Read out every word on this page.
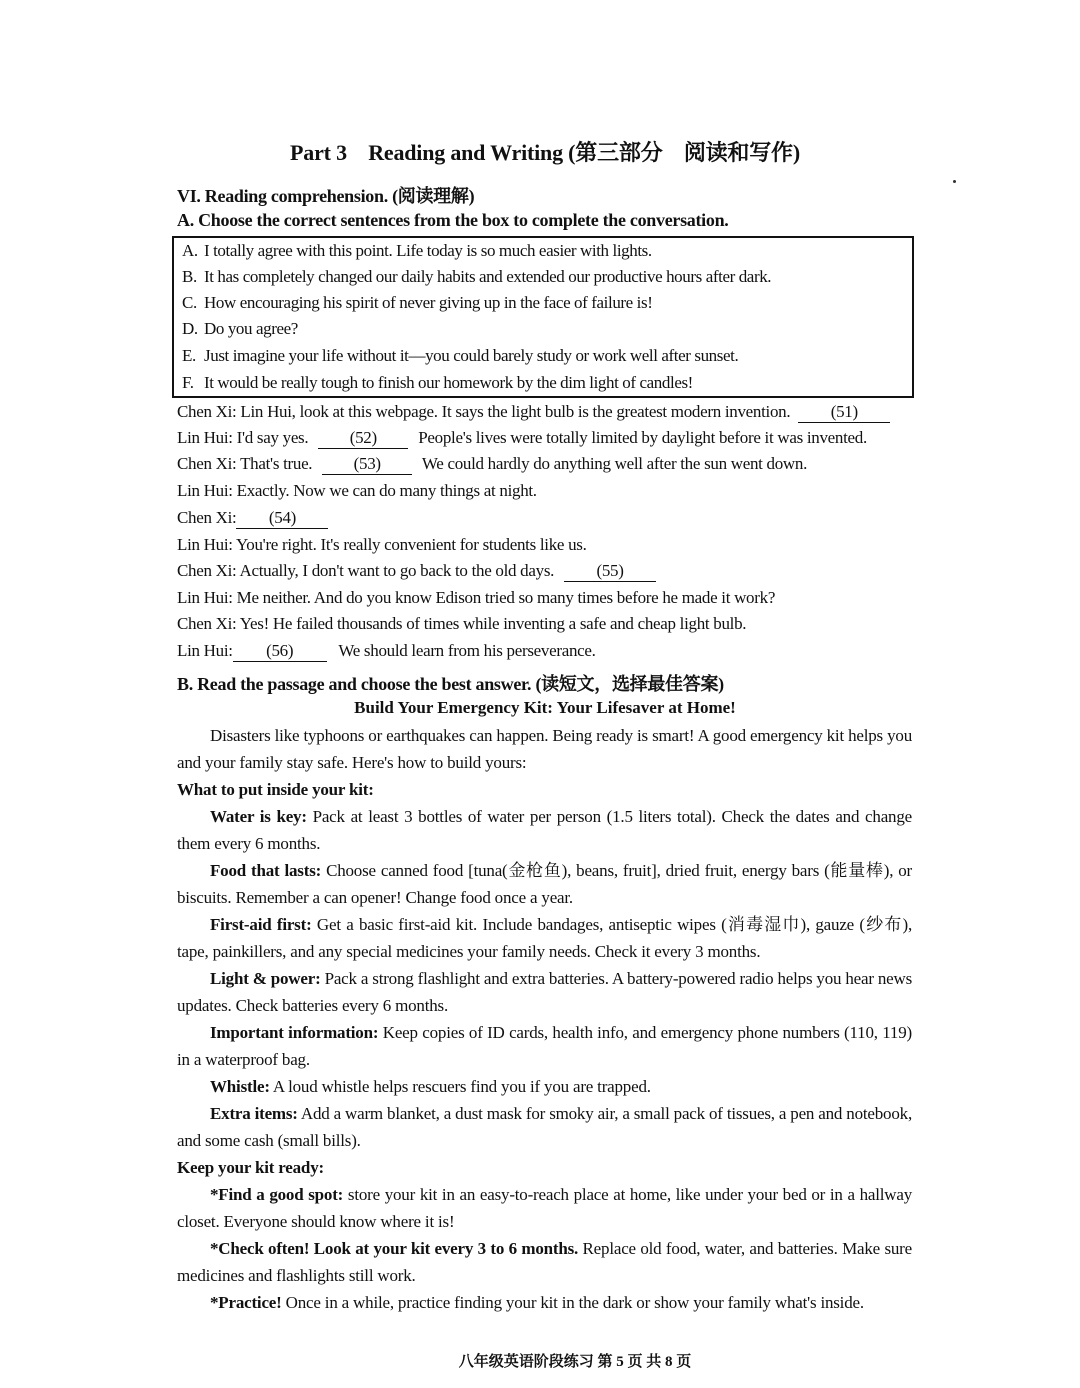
Part 3 Reading and Writing (第三部分 阅读和写作)
VI. Reading comprehension. (阅读理解)
A. Choose the correct sentences from the box to complete the conversation.
A. I totally agree with this point. Life today is so much easier with lights.
B. It has completely changed our daily habits and extended our productive hours after dark.
C. How encouraging his spirit of never giving up in the face of failure is!
D. Do you agree?
E. Just imagine your life without it—you could barely study or work well after sunset.
F. It would be really tough to finish our homework by the dim light of candles!
Chen Xi: Lin Hui, look at this webpage. It says the light bulb is the greatest modern invention. (51)
Lin Hui: I'd say yes. (52) People's lives were totally limited by daylight before it was invented.
Chen Xi: That's true. (53) We could hardly do anything well after the sun went down.
Lin Hui: Exactly. Now we can do many things at night.
Chen Xi: (54)
Lin Hui: You're right. It's really convenient for students like us.
Chen Xi: Actually, I don't want to go back to the old days. (55)
Lin Hui: Me neither. And do you know Edison tried so many times before he made it work?
Chen Xi: Yes! He failed thousands of times while inventing a safe and cheap light bulb.
Lin Hui: (56)	We should learn from his perseverance.
B. Read the passage and choose the best answer. (读短文，选择最佳答案)
Build Your Emergency Kit: Your Lifesaver at Home!
Disasters like typhoons or earthquakes can happen. Being ready is smart! A good emergency kit helps you and your family stay safe. Here's how to build yours:
What to put inside your kit:
Water is key: Pack at least 3 bottles of water per person (1.5 liters total). Check the dates and change them every 6 months.
Food that lasts: Choose canned food [tuna(金枪鱼), beans, fruit], dried fruit, energy bars (能量棒), or biscuits. Remember a can opener! Change food once a year.
First-aid first: Get a basic first-aid kit. Include bandages, antiseptic wipes (消毒湿巾), gauze (纱布), tape, painkillers, and any special medicines your family needs. Check it every 3 months.
Light & power: Pack a strong flashlight and extra batteries. A battery-powered radio helps you hear news updates. Check batteries every 6 months.
Important information: Keep copies of ID cards, health info, and emergency phone numbers (110, 119) in a waterproof bag.
Whistle: A loud whistle helps rescuers find you if you are trapped.
Extra items: Add a warm blanket, a dust mask for smoky air, a small pack of tissues, a pen and notebook, and some cash (small bills).
Keep your kit ready:
*Find a good spot: store your kit in an easy-to-reach place at home, like under your bed or in a hallway closet. Everyone should know where it is!
*Check often! Look at your kit every 3 to 6 months. Replace old food, water, and batteries. Make sure medicines and flashlights still work.
*Practice! Once in a while, practice finding your kit in the dark or show your family what's inside.
八年级英语阶段练习 第 5 页 共 8 页
